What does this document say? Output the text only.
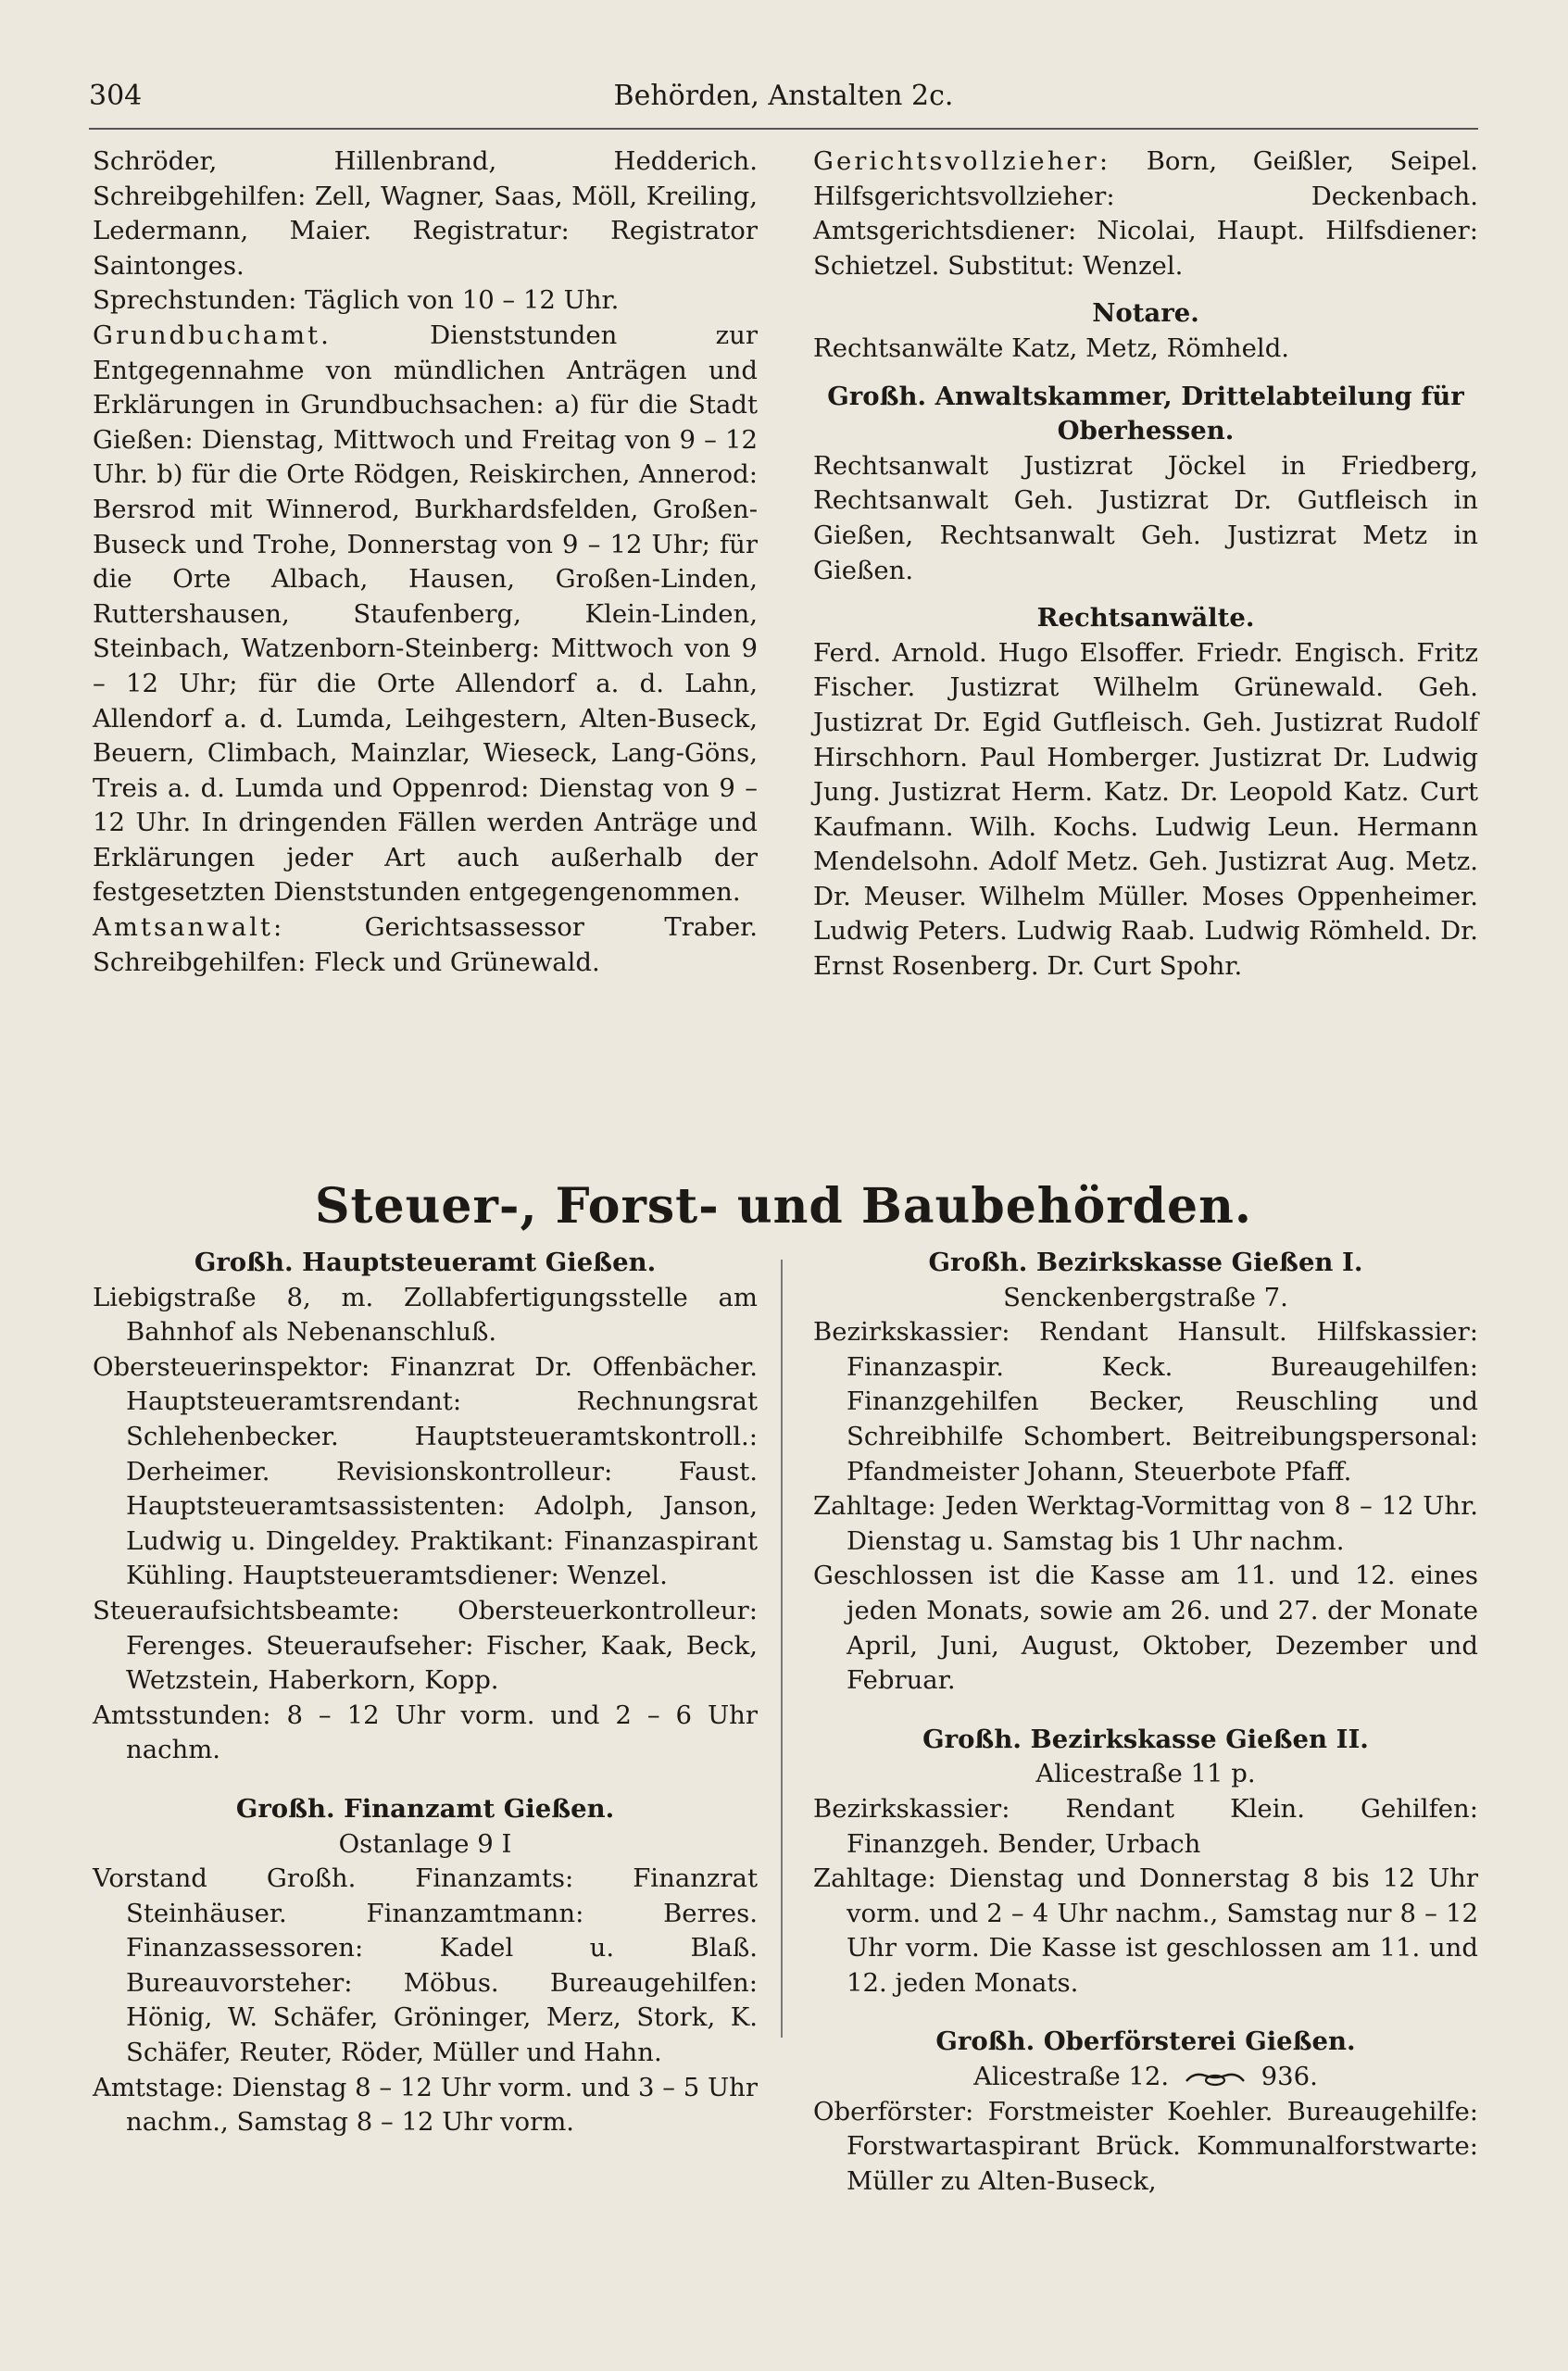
304	Behörden, Anstalten 2c.

Schröder, Hillenbrand, Hedderich. Schreibgehilfen: Zell, Wagner, Saas, Möll, Kreiling, Ledermann, Maier. Registratur: Registrator Saintonges.

Sprechstunden: Täglich von 10 – 12 Uhr.

Grundbuchamt. Dienststunden zur Entgegennahme von mündlichen Anträgen und Erklärungen in Grundbuchsachen: a) für die Stadt Gießen: Dienstag, Mittwoch und Freitag von 9 – 12 Uhr. b) für die Orte Rödgen, Reiskirchen, Annerod: Bersrod mit Winnerod, Burkhardsfelden, Großen-Buseck und Trohe, Donnerstag von 9 – 12 Uhr; für die Orte Albach, Hausen, Großen-Linden, Ruttershausen, Staufenberg, Klein-Linden, Steinbach, Watzenborn-Steinberg: Mittwoch von 9 – 12 Uhr; für die Orte Allendorf a. d. Lahn, Allendorf a. d. Lumda, Leihgestern, Alten-Buseck, Beuern, Climbach, Mainzlar, Wieseck, Lang-Göns, Treis a. d. Lumda und Oppenrod: Dienstag von 9 – 12 Uhr. In dringenden Fällen werden Anträge und Erklärungen jeder Art auch außerhalb der festgesetzten Dienststunden entgegengenommen.

Amtsanwalt: Gerichtsassessor Traber. Schreibgehilfen: Fleck und Grünewald.

Gerichtsvollzieher: Born, Geißler, Seipel. Hilfsgerichtsvollzieher: Deckenbach. Amtsgerichtsdiener: Nicolai, Haupt. Hilfsdiener: Schietzel. Substitut: Wenzel.

Notare.

Rechtsanwälte Katz, Metz, Römheld.

Großh. Anwaltskammer, Drittelabteilung für Oberhessen.

Rechtsanwalt Justizrat Jöckel in Friedberg, Rechtsanwalt Geh. Justizrat Dr. Gutfleisch in Gießen, Rechtsanwalt Geh. Justizrat Metz in Gießen.

Rechtsanwälte.

Ferd. Arnold. Hugo Elsoffer. Friedr. Engisch. Fritz Fischer. Justizrat Wilhelm Grünewald. Geh. Justizrat Dr. Egid Gutfleisch. Geh. Justizrat Rudolf Hirschhorn. Paul Homberger. Justizrat Dr. Ludwig Jung. Justizrat Herm. Katz. Dr. Leopold Katz. Curt Kaufmann. Wilh. Kochs. Ludwig Leun. Hermann Mendelsohn. Adolf Metz. Geh. Justizrat Aug. Metz. Dr. Meuser. Wilhelm Müller. Moses Oppenheimer. Ludwig Peters. Ludwig Raab. Ludwig Römheld. Dr. Ernst Rosenberg. Dr. Curt Spohr.

Steuer-, Forst- und Baubehörden.

Großh. Hauptsteueramt Gießen.

Liebigstraße 8, m. Zollabfertigungsstelle am Bahnhof als Nebenanschluß.

Obersteuerinspektor: Finanzrat Dr. Offenbächer. Hauptsteueramtsrendant: Rechnungsrat Schlehenbecker. Hauptsteueramtskontroll.: Derheimer. Revisionskontrolleur: Faust. Hauptsteueramtsassistenten: Adolph, Janson, Ludwig u. Dingeldey. Praktikant: Finanzaspirant Kühling. Hauptsteueramtsdiener: Wenzel.

Steueraufsichtsbeamte: Obersteuerkontrolleur: Ferenges. Steueraufseher: Fischer, Kaak, Beck, Wetzstein, Haberkorn, Kopp.

Amtsstunden: 8 – 12 Uhr vorm. und 2 – 6 Uhr nachm.

Großh. Finanzamt Gießen.

Ostanlage 9 I

Vorstand Großh. Finanzamts: Finanzrat Steinhäuser. Finanzamtmann: Berres. Finanzassessoren: Kadel u. Blaß. Bureauvorsteher: Möbus. Bureaugehilfen: Hönig, W. Schäfer, Gröninger, Merz, Stork, K. Schäfer, Reuter, Röder, Müller und Hahn.

Amtstage: Dienstag 8 – 12 Uhr vorm. und 3 – 5 Uhr nachm., Samstag 8 – 12 Uhr vorm.

Großh. Bezirkskasse Gießen I.

Senckenbergstraße 7.

Bezirkskassier: Rendant Hansult. Hilfskassier: Finanzaspir. Keck. Bureaugehilfen: Finanzgehilfen Becker, Reuschling und Schreibhilfe Schombert. Beitreibungspersonal: Pfandmeister Johann, Steuerbote Pfaff.

Zahltage: Jeden Werktag-Vormittag von 8 – 12 Uhr. Dienstag u. Samstag bis 1 Uhr nachm.

Geschlossen ist die Kasse am 11. und 12. eines jeden Monats, sowie am 26. und 27. der Monate April, Juni, August, Oktober, Dezember und Februar.

Großh. Bezirkskasse Gießen II.

Alicestraße 11 p.

Bezirkskassier: Rendant Klein. Gehilfen: Finanzgeh. Bender, Urbach

Zahltage: Dienstag und Donnerstag 8 bis 12 Uhr vorm. und 2 – 4 Uhr nachm., Samstag nur 8 – 12 Uhr vorm. Die Kasse ist geschlossen am 11. und 12. jeden Monats.

Großh. Oberförsterei Gießen.

Alicestraße 12.	936.

Oberförster: Forstmeister Koehler. Bureaugehilfe: Forstwartaspirant Brück. Kommunalforstwarte: Müller zu Alten-Buseck,
